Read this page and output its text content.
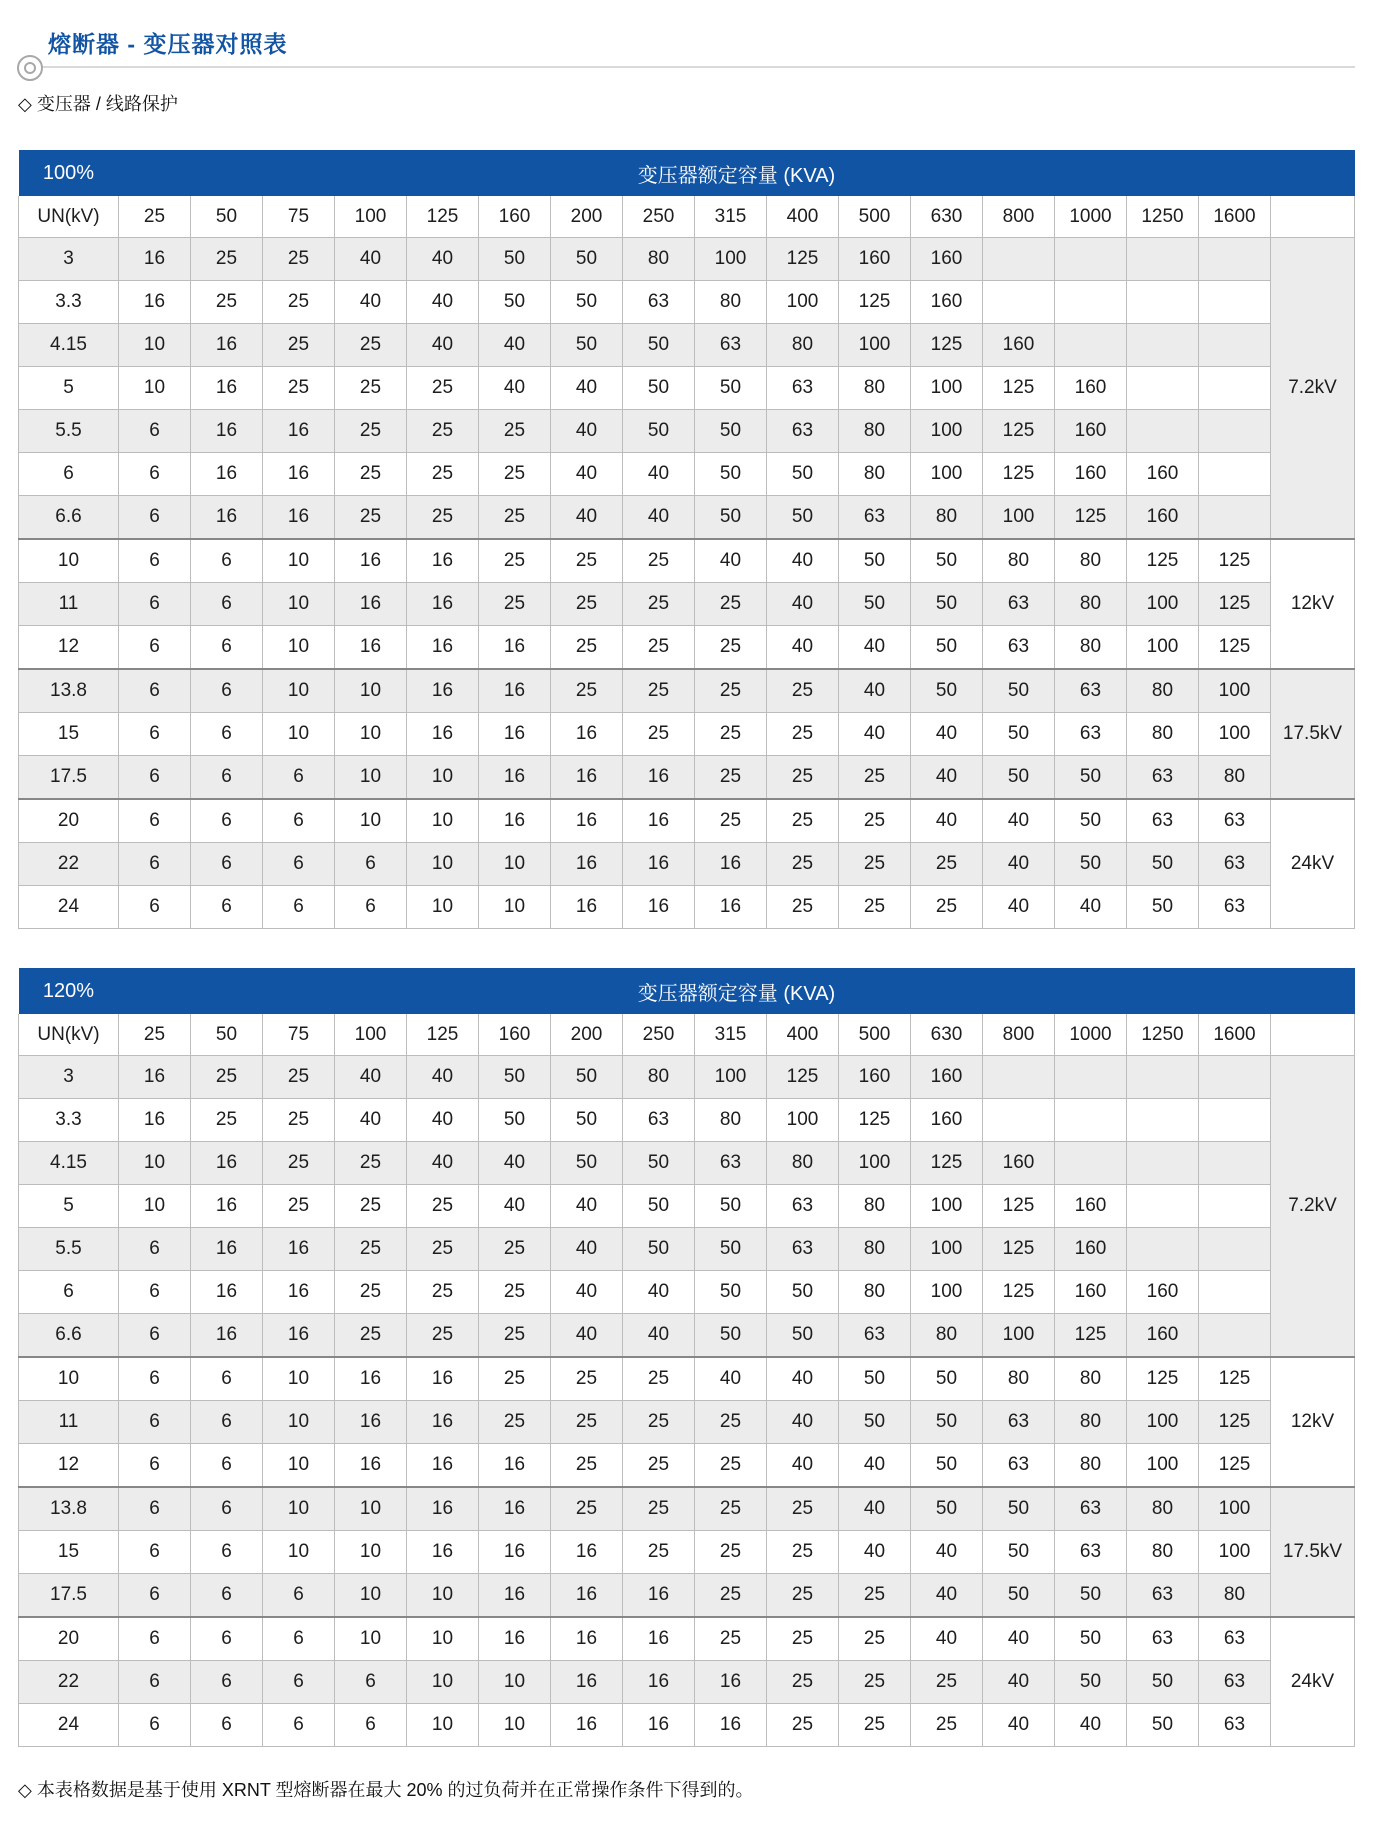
熔断器 - 变压器对照表
◇ 变压器 / 线路保护
100%	变压器额定容量 (KVA)																
UN(kV)	25	50	75	100	125	160	200	250	315	400	500	630	800	1000	1250	1600	
3	16	25	25	40	40	50	50	80	100	125	160	160					7.2kV
3.3	16	25	25	40	40	50	50	63	80	100	125	160					
4.15	10	16	25	25	40	40	50	50	63	80	100	125	160				
5	10	16	25	25	25	40	40	50	50	63	80	100	125	160			
5.5	6	16	16	25	25	25	40	50	50	63	80	100	125	160			
6	6	16	16	25	25	25	40	40	50	50	80	100	125	160	160		
6.6	6	16	16	25	25	25	40	40	50	50	63	80	100	125	160		
10	6	6	10	16	16	25	25	25	40	40	50	50	80	80	125	125	12kV
11	6	6	10	16	16	25	25	25	25	40	50	50	63	80	100	125	
12	6	6	10	16	16	16	25	25	25	40	40	50	63	80	100	125	
13.8	6	6	10	10	16	16	25	25	25	25	40	50	50	63	80	100	17.5kV
15	6	6	10	10	16	16	16	25	25	25	40	40	50	63	80	100	
17.5	6	6	6	10	10	16	16	16	25	25	25	40	50	50	63	80	
20	6	6	6	10	10	16	16	16	25	25	25	40	40	50	63	63	24kV
22	6	6	6	6	10	10	16	16	16	25	25	25	40	50	50	63	
24	6	6	6	6	10	10	16	16	16	25	25	25	40	40	50	63	
120%	变压器额定容量 (KVA)																
UN(kV)	25	50	75	100	125	160	200	250	315	400	500	630	800	1000	1250	1600	
3	16	25	25	40	40	50	50	80	100	125	160	160					7.2kV
3.3	16	25	25	40	40	50	50	63	80	100	125	160					
4.15	10	16	25	25	40	40	50	50	63	80	100	125	160				
5	10	16	25	25	25	40	40	50	50	63	80	100	125	160			
5.5	6	16	16	25	25	25	40	50	50	63	80	100	125	160			
6	6	16	16	25	25	25	40	40	50	50	80	100	125	160	160		
6.6	6	16	16	25	25	25	40	40	50	50	63	80	100	125	160		
10	6	6	10	16	16	25	25	25	40	40	50	50	80	80	125	125	12kV
11	6	6	10	16	16	25	25	25	25	40	50	50	63	80	100	125	
12	6	6	10	16	16	16	25	25	25	40	40	50	63	80	100	125	
13.8	6	6	10	10	16	16	25	25	25	25	40	50	50	63	80	100	17.5kV
15	6	6	10	10	16	16	16	25	25	25	40	40	50	63	80	100	
17.5	6	6	6	10	10	16	16	16	25	25	25	40	50	50	63	80	
20	6	6	6	10	10	16	16	16	25	25	25	40	40	50	63	63	24kV
22	6	6	6	6	10	10	16	16	16	25	25	25	40	50	50	63	
24	6	6	6	6	10	10	16	16	16	25	25	25	40	40	50	63	
◇ 本表格数据是基于使用 XRNT 型熔断器在最大 20% 的过负荷并在正常操作条件下得到的。
